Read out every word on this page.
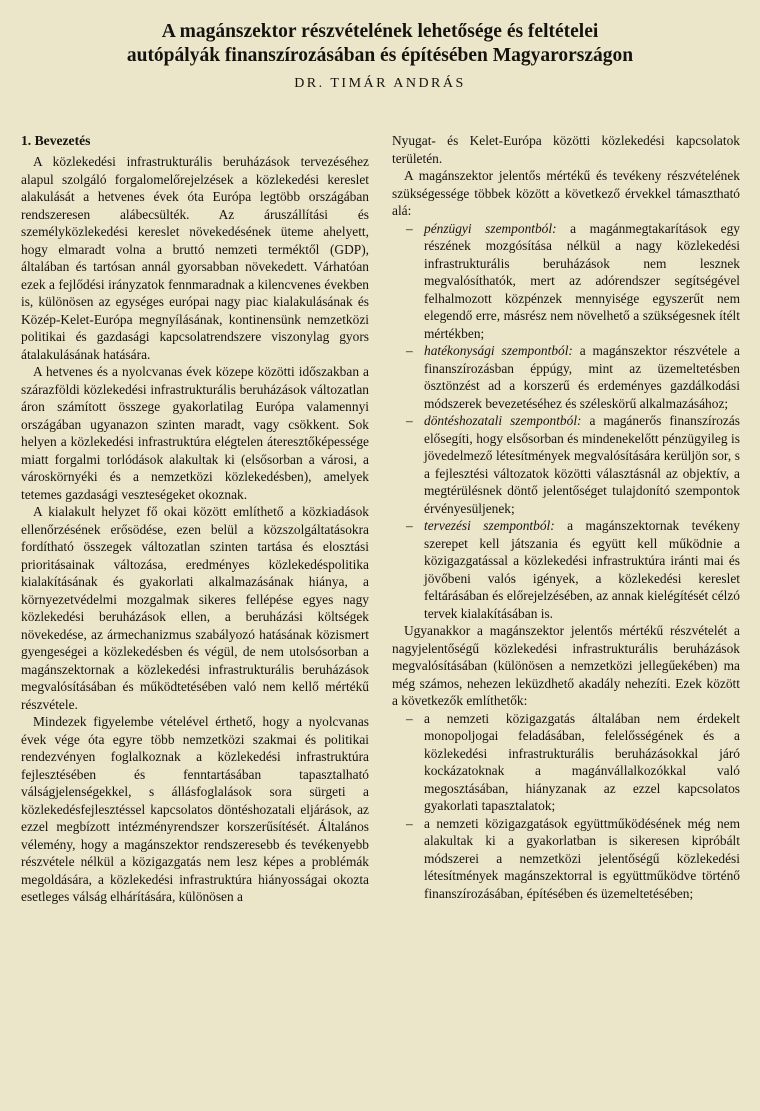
A magánszektor részvételének lehetősége és feltételei
autópályák finanszírozásában és építésében Magyarországon

DR. TIMÁR ANDRÁS

1. Bevezetés

A közlekedési infrastrukturális beruházások tervezéséhez alapul szolgáló forgalomelőrejelzések a közlekedési kereslet alakulását a hetvenes évek óta Európa legtöbb országában rendszeresen alábecsülték. Az áruszállítási és személyközlekedési kereslet növekedésének üteme ahelyett, hogy elmaradt volna a bruttó nemzeti terméktől (GDP), általában és tartósan annál gyorsabban növekedett. Várhatóan ezek a fejlődési irányzatok fennmaradnak a kilencvenes években is, különösen az egységes európai nagy piac kialakulásának és Közép-Kelet-Európa megnyílásának, kontinensünk nemzetközi politikai és gazdasági kapcsolatrendszere viszonylag gyors átalakulásának hatására.

A hetvenes és a nyolcvanas évek közepe közötti időszakban a szárazföldi közlekedési infrastrukturális beruházások változatlan áron számított összege gyakorlatilag Európa valamennyi országában ugyanazon szinten maradt, vagy csökkent. Sok helyen a közlekedési infrastruktúra elégtelen áteresztőképessége miatt forgalmi torlódások alakultak ki (elsősorban a városi, a városkörnyéki és a nemzetközi közlekedésben), amelyek tetemes gazdasági veszteségeket okoznak.

A kialakult helyzet fő okai között említhető a közkiadások ellenőrzésének erősödése, ezen belül a közszolgáltatásokra fordítható összegek változatlan szinten tartása és elosztási prioritásainak változása, eredményes közlekedéspolitika kialakításának és gyakorlati alkalmazásának hiánya, a környezetvédelmi mozgalmak sikeres fellépése egyes nagy közlekedési beruházások ellen, a beruházási költségek növekedése, az ármechanizmus szabályozó hatásának közismert gyengeségei a közlekedésben és végül, de nem utolsósorban a magánszektornak a közlekedési infrastrukturális beruházások megvalósításában és működtetésében való nem kellő mértékű részvétele.

Mindezek figyelembe vételével érthető, hogy a nyolcvanas évek vége óta egyre több nemzetközi szakmai és politikai rendezvényen foglalkoznak a közlekedési infrastruktúra fejlesztésében és fenntartásában tapasztalható válságjelenségekkel, s állásfoglalások sora sürgeti a közlekedésfejlesztéssel kapcsolatos döntéshozatali eljárások, az ezzel megbízott intézményrendszer korszerűsítését. Általános vélemény, hogy a magánszektor rendszeresebb és tevékenyebb részvétele nélkül a közigazgatás nem lesz képes a problémák megoldására, a közlekedési infrastruktúra hiányosságai okozta esetleges válság elhárítására, különösen a

Nyugat- és Kelet-Európa közötti közlekedési kapcsolatok területén.

A magánszektor jelentős mértékű és tevékeny részvételének szükségessége többek között a következő érvekkel támasztható alá:

– pénzügyi szempontból: a magánmegtakarítások egy részének mozgósítása nélkül a nagy közlekedési infrastrukturális beruházások nem lesznek megvalósíthatók, mert az adórendszer segítségével felhalmozott közpénzek mennyisége egyszerűt nem elegendő erre, másrész nem növelhető a szükségesnek ítélt mértékben;
– hatékonysági szempontból: a magánszektor részvétele a finanszírozásban éppúgy, mint az üzemeltetésben ösztönzést ad a korszerű és erdeményes gazdálkodási módszerek bevezetéséhez és széleskörű alkalmazásához;
– döntéshozatali szempontból: a magánerős finanszírozás elősegíti, hogy elsősorban és mindenekelőtt pénzügyileg is jövedelmező létesítmények megvalósítására kerüljön sor, s a fejlesztési változatok közötti választásnál az objektív, a megtérülésnek döntő jelentőséget tulajdonító szempontok érvényesüljenek;
– tervezési szempontból: a magánszektornak tevékeny szerepet kell játszania és együtt kell működnie a közigazgatással a közlekedési infrastruktúra iránti mai és jövőbeni valós igények, a közlekedési kereslet feltárásában és előrejelzésében, az annak kielégítését célzó tervek kialakításában is.

Ugyanakkor a magánszektor jelentős mértékű részvételét a nagyjelentőségű közlekedési infrastrukturális beruházások megvalósításában (különösen a nemzetközi jellegűekében) ma még számos, nehezen leküzdhető akadály nehezíti. Ezek között a következők említhetők:

– a nemzeti közigazgatás általában nem érdekelt monopoljogai feladásában, felelősségének és a közlekedési infrastrukturális beruházásokkal járó kockázatoknak a magánvállalkozókkal való megosztásában, hiányzanak az ezzel kapcsolatos gyakorlati tapasztalatok;
– a nemzeti közigazgatások együttműködésének még nem alakultak ki a gyakorlatban is sikeresen kipróbált módszerei a nemzetközi jelentőségű közlekedési létesítmények magánszektorral is együttműködve történő finanszírozásában, építésében és üzemeltetésében;
